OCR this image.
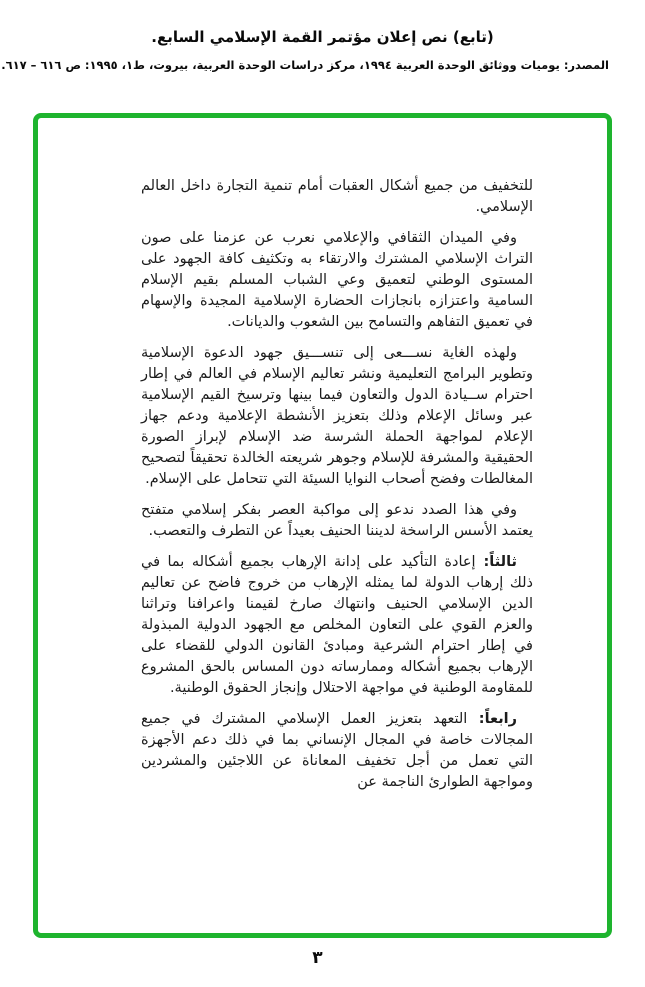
(تابع) نص إعلان مؤتمر القمة الإسلامي السابع.
المصدر: يوميات ووثائق الوحدة العربية ١٩٩٤، مركز دراسات الوحدة العربية، بيروت، ط١، ١٩٩٥: ص ٦١٦ – ٦١٧.

للتخفيف من جميع أشكال العقبات أمام تنمية التجارة داخل العالم الإسلامي.

وفي الميدان الثقافي والإعلامي نعرب عن عزمنا على صون التراث الإسلامي المشترك والارتقاء به وتكثيف كافة الجهود على المستوى الوطني لتعميق وعي الشباب المسلم بقيم الإسلام السامية واعتزازه بانجازات الحضارة الإسلامية المجيدة والإسهام في تعميق التفاهم والتسامح بين الشعوب والديانات.

ولهذه الغاية نســـعى إلى تنســـيق جهود الدعوة الإسلامية وتطوير البرامج التعليمية ونشر تعاليم الإسلام في العالم في إطار احترام ســيادة الدول والتعاون فيما بينها وترسيخ القيم الإسلامية عبر وسائل الإعلام وذلك بتعزيز الأنشطة الإعلامية ودعم جهاز الإعلام لمواجهة الحملة الشرسة ضد الإسلام لإبراز الصورة الحقيقية والمشرفة للإسلام وجوهر شريعته الخالدة تحقيقاً لتصحيح المغالطات وفضح أصحاب النوايا السيئة التي تتحامل على الإسلام.

وفي هذا الصدد ندعو إلى مواكبة العصر بفكر إسلامي متفتح يعتمد الأسس الراسخة لديننا الحنيف بعيداً عن التطرف والتعصب.

ثالثاً: إعادة التأكيد على إدانة الإرهاب بجميع أشكاله بما في ذلك إرهاب الدولة لما يمثله الإرهاب من خروج فاضح عن تعاليم الدين الإسلامي الحنيف وانتهاك صارخ لقيمنا واعرافنا وتراثنا والعزم القوي على التعاون المخلص مع الجهود الدولية المبذولة في إطار احترام الشرعية ومبادئ القانون الدولي للقضاء على الإرهاب بجميع أشكاله وممارساته دون المساس بالحق المشروع للمقاومة الوطنية في مواجهة الاحتلال وإنجاز الحقوق الوطنية.

رابعاً: التعهد بتعزيز العمل الإسلامي المشترك في جميع المجالات خاصة في المجال الإنساني بما في ذلك دعم الأجهزة التي تعمل من أجل تخفيف المعاناة عن اللاجئين والمشردين ومواجهة الطوارئ الناجمة عن

٣
